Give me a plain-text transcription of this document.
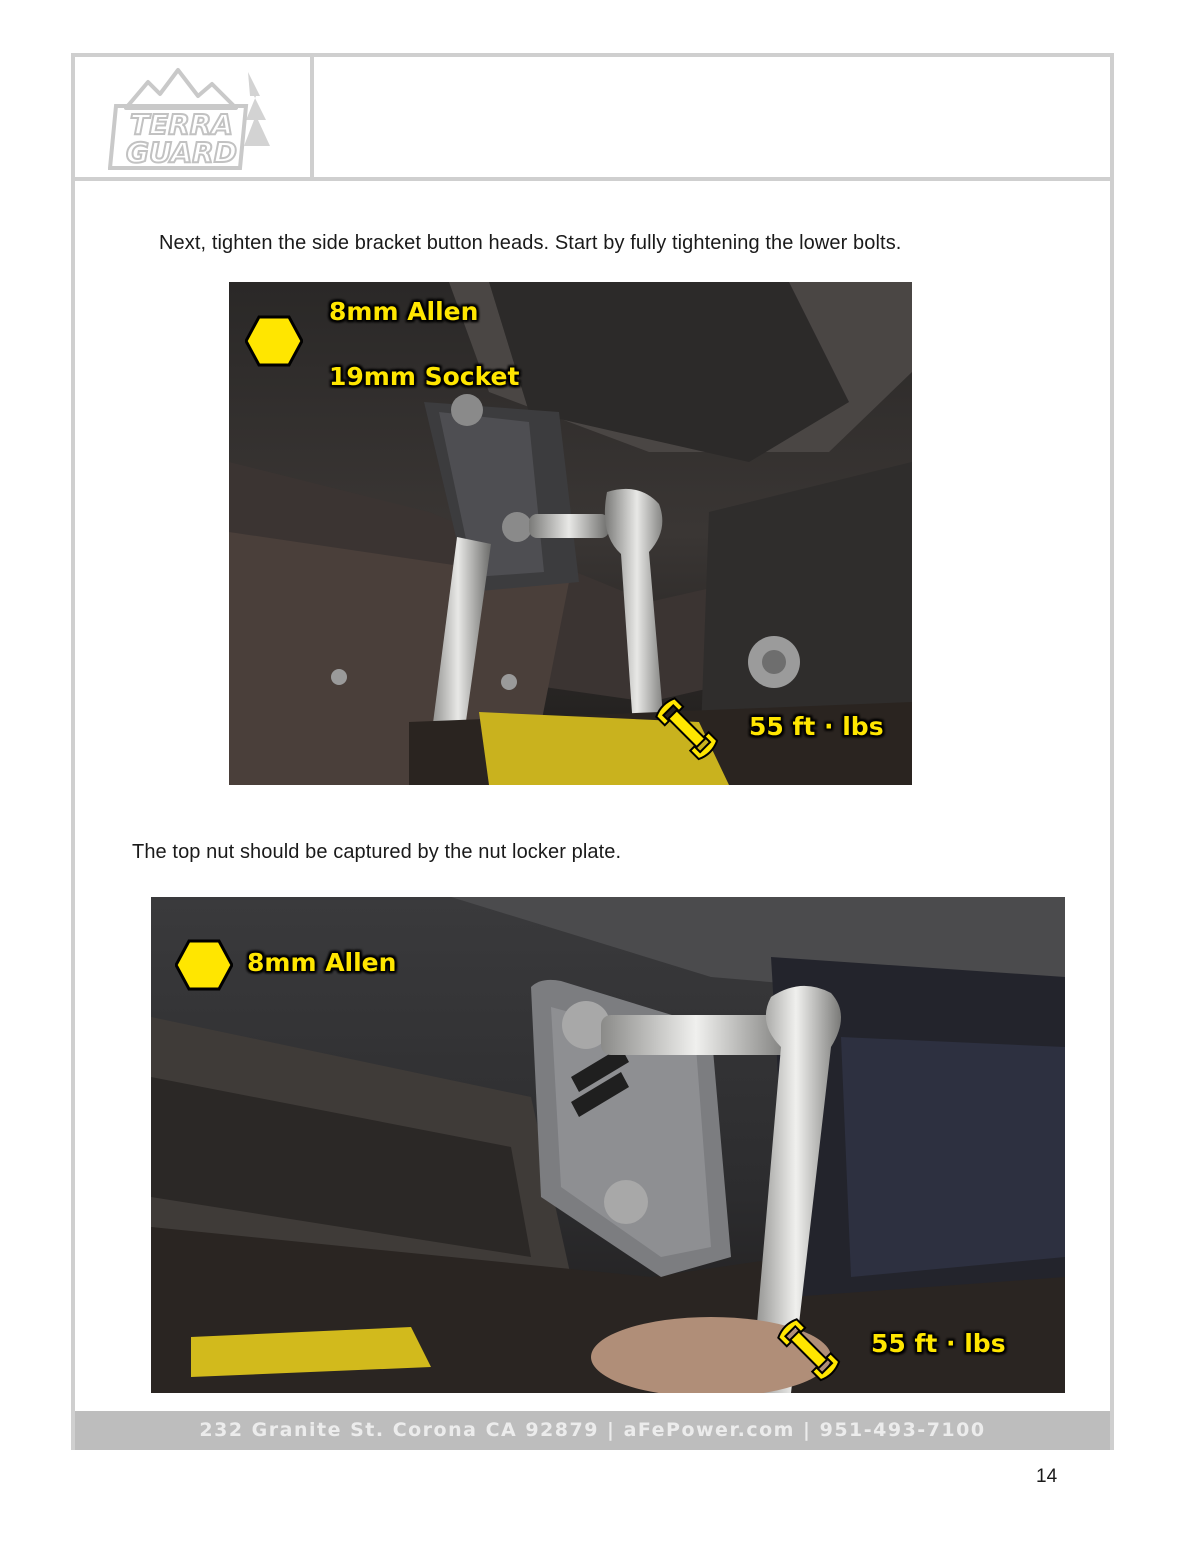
TERRA
GUARD
Next, tighten the side bracket button heads. Start by fully tightening the lower bolts.
8mm Allen
19mm Socket
55 ft · lbs
The top nut should be captured by the nut locker plate.
8mm Allen
55 ft · lbs
232 Granite St. Corona CA 92879 | aFePower.com | 951-493-7100
14
